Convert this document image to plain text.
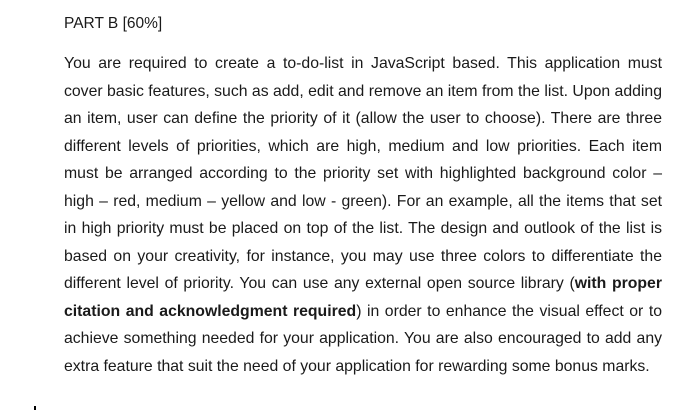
PART B [60%]

You are required to create a to-do-list in JavaScript based. This application must cover basic features, such as add, edit and remove an item from the list. Upon adding an item, user can define the priority of it (allow the user to choose). There are three different levels of priorities, which are high, medium and low priorities. Each item must be arranged according to the priority set with highlighted background color – high – red, medium – yellow and low - green). For an example, all the items that set in high priority must be placed on top of the list. The design and outlook of the list is based on your creativity, for instance, you may use three colors to differentiate the different level of priority. You can use any external open source library (with proper citation and acknowledgment required) in order to enhance the visual effect or to achieve something needed for your application. You are also encouraged to add any extra feature that suit the need of your application for rewarding some bonus marks.
